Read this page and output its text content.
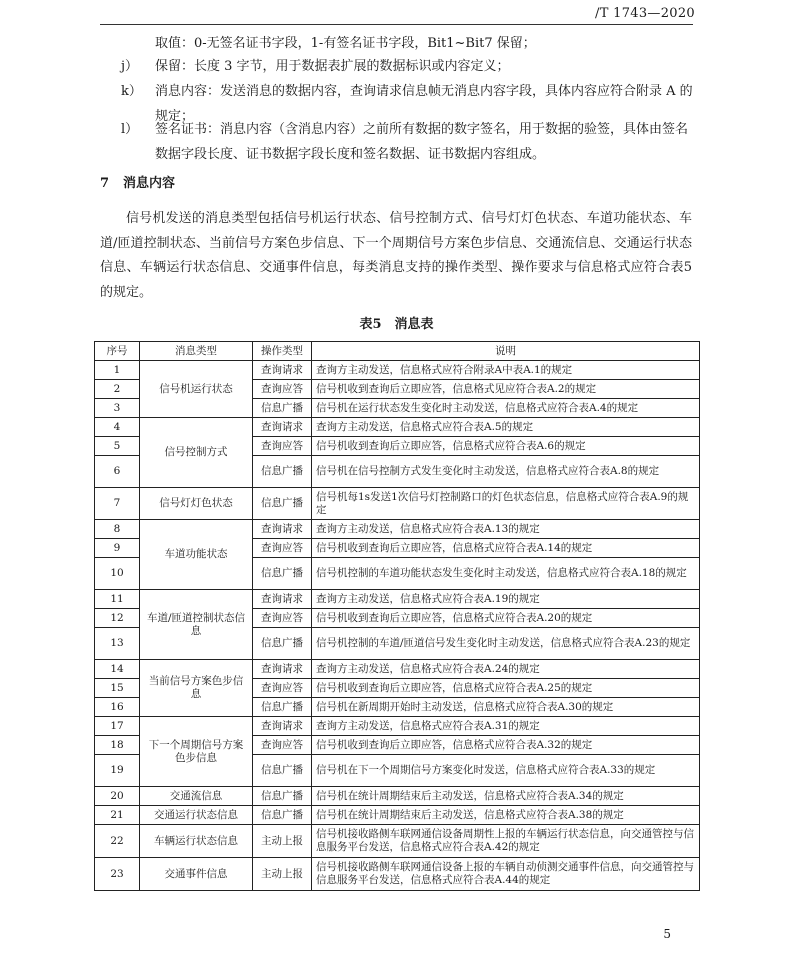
/T 1743—2020
取值：0-无签名证书字段，1-有签名证书字段，Bit1~Bit7 保留；
j）	保留：长度 3 字节，用于数据表扩展的数据标识或内容定义；
k）	消息内容：发送消息的数据内容，查询请求信息帧无消息内容字段，具体内容应符合附录 A 的规定；
l）	签名证书：消息内容（含消息内容）之前所有数据的数字签名，用于数据的验签，具体由签名数据字段长度、证书数据字段长度和签名数据、证书数据内容组成。
7 消息内容
信号机发送的消息类型包括信号机运行状态、信号控制方式、信号灯灯色状态、车道功能状态、车道/匝道控制状态、当前信号方案色步信息、下一个周期信号方案色步信息、交通流信息、交通运行状态信息、车辆运行状态信息、交通事件信息，每类消息支持的操作类型、操作要求与信息格式应符合表5的规定。
表5　消息表
序号	消息类型	操作类型	说明
1	信号机运行状态	查询请求	查询方主动发送，信息格式应符合附录A中表A.1的规定
2		查询应答	信号机收到查询后立即应答，信息格式见应符合表A.2的规定
3		信息广播	信号机在运行状态发生变化时主动发送，信息格式应符合表A.4的规定
4	信号控制方式	查询请求	查询方主动发送，信息格式应符合表A.5的规定
5		查询应答	信号机收到查询后立即应答，信息格式应符合表A.6的规定
6		信息广播	信号机在信号控制方式发生变化时主动发送，信息格式应符合表A.8的规定
7	信号灯灯色状态	信息广播	信号机每1s发送1次信号灯控制路口的灯色状态信息，信息格式应符合表A.9的规定
8	车道功能状态	查询请求	查询方主动发送，信息格式应符合表A.13的规定
9		查询应答	信号机收到查询后立即应答，信息格式应符合表A.14的规定
10		信息广播	信号机控制的车道功能状态发生变化时主动发送，信息格式应符合表A.18的规定
11	车道/匝道控制状态信息	查询请求	查询方主动发送，信息格式应符合表A.19的规定
12		查询应答	信号机收到查询后立即应答，信息格式应符合表A.20的规定
13		信息广播	信号机控制的车道/匝道信号发生变化时主动发送，信息格式应符合表A.23的规定
14	当前信号方案色步信息	查询请求	查询方主动发送，信息格式应符合表A.24的规定
15		查询应答	信号机收到查询后立即应答，信息格式应符合表A.25的规定
16		信息广播	信号机在新周期开始时主动发送，信息格式应符合表A.30的规定
17	下一个周期信号方案色步信息	查询请求	查询方主动发送，信息格式应符合表A.31的规定
18		查询应答	信号机收到查询后立即应答，信息格式应符合表A.32的规定
19		信息广播	信号机在下一个周期信号方案变化时发送，信息格式应符合表A.33的规定
20	交通流信息	信息广播	信号机在统计周期结束后主动发送，信息格式应符合表A.34的规定
21	交通运行状态信息	信息广播	信号机在统计周期结束后主动发送，信息格式应符合表A.38的规定
22	车辆运行状态信息	主动上报	信号机接收路侧车联网通信设备周期性上报的车辆运行状态信息，向交通管控与信息服务平台发送，信息格式应符合表A.42的规定
23	交通事件信息	主动上报	信号机接收路侧车联网通信设备上报的车辆自动侦测交通事件信息，向交通管控与信息服务平台发送，信息格式应符合表A.44的规定
5
